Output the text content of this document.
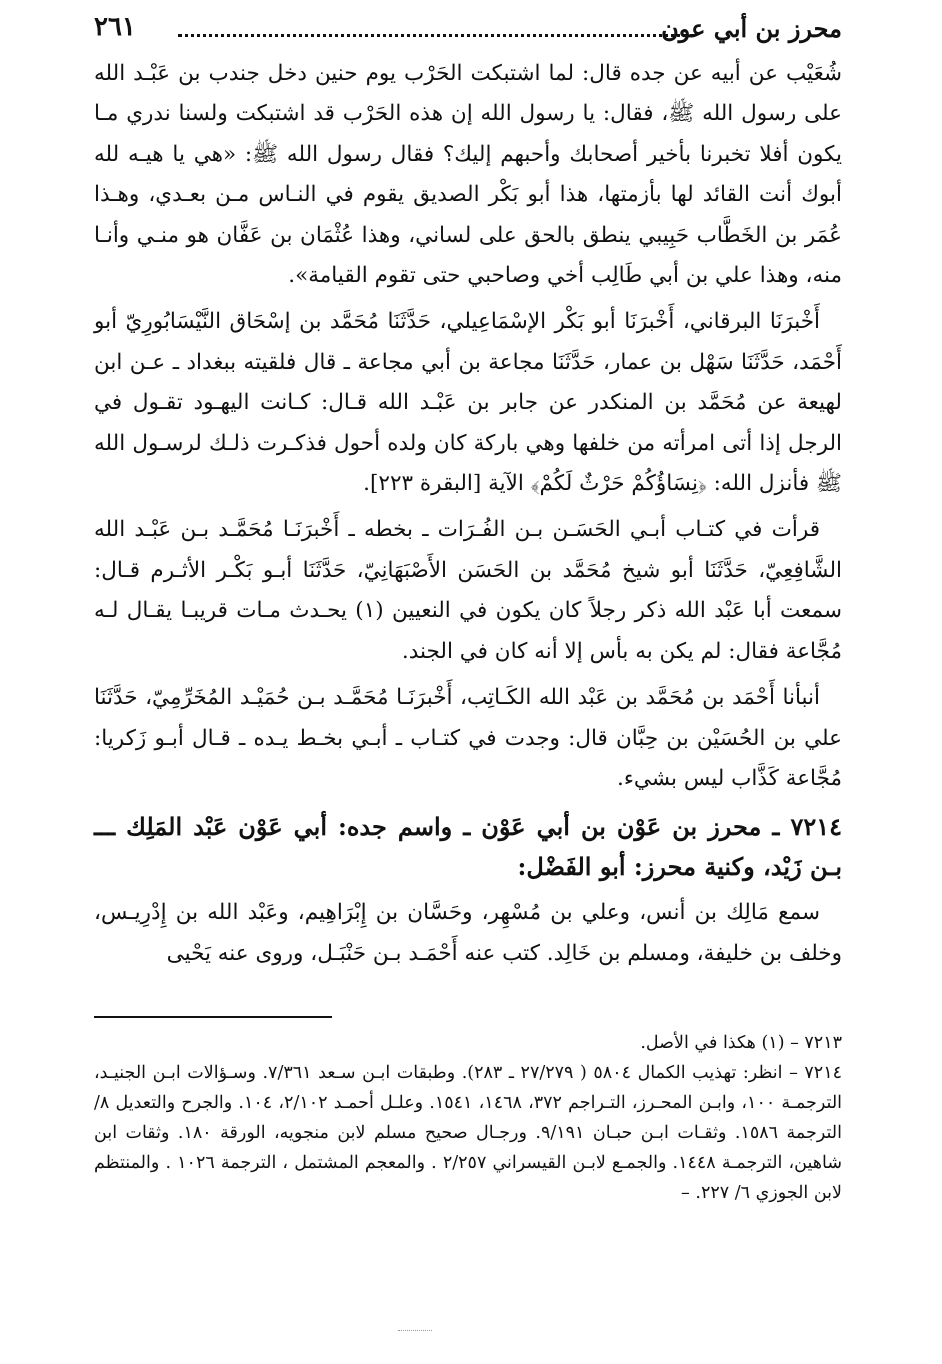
محرز بن أبي عون
٢٦١

شُعَيْب عن أبيه عن جده قال: لما اشتبكت الحَرْب يوم حنين دخل جندب بن عَبْـد الله على رسول الله ﷺ، فقال: يا رسول الله إن هذه الحَرْب قد اشتبكت ولسنا ندري مـا يكون أفلا تخبرنا بأخير أصحابك وأحبهم إليك؟ فقال رسول الله ﷺ: «هي يا هيـه لله أبوك أنت القائد لها بأزمتها، هذا أبو بَكْر الصديق يقوم في النـاس مـن بعـدي، وهـذا عُمَر بن الخَطَّاب حَبِيبي ينطق بالحق على لساني، وهذا عُثْمَان بن عَفَّان هو منـي وأنـا منه، وهذا علي بن أبي طَالِب أخي وصاحبي حتى تقوم القيامة».

أَخْبرَنَا البرقاني، أَخْبرَنَا أبو بَكْر الإسْمَاعِيلي، حَدَّثَنَا مُحَمَّد بن إسْحَاق النَّيْسَابُورِيّ أبو أَحْمَد، حَدَّثَنَا سَهْل بن عمار، حَدَّثَنَا مجاعة بن أبي مجاعة ـ قال فلقيته ببغداد ـ عـن ابن لهيعة عن مُحَمَّد بن المنكدر عن جابر بن عَبْـد الله قـال: كـانت اليهـود تقـول في الرجل إذا أتى امرأته من خلفها وهي باركة كان ولده أحول فذكـرت ذلـك لرسـول الله ﷺ فأنزل الله: ﴿نِسَاؤُكُمْ حَرْثٌ لَكُمْ﴾ الآية [البقرة ٢٢٣].

قرأت في كتـاب أبـي الحَسَـن بـن الفُـرَات ـ بخطه ـ أَخْبرَنَـا مُحَمَّـد بـن عَبْـد الله الشَّافِعِيّ، حَدَّثَنَا أبو شيخ مُحَمَّد بن الحَسَن الأَصْبَهَانِيّ، حَدَّثَنَا أبـو بَكْـر الأثـرم قـال: سمعت أبا عَبْد الله ذكر رجلاً كان يكون في النعيين (١) يحـدث مـات قريبـا يقـال لـه مُجَّاعة فقال: لم يكن به بأس إلا أنه كان في الجند.

أنبأنا أَحْمَد بن مُحَمَّد بن عَبْد الله الكَـاتِب، أَخْبرَنَـا مُحَمَّـد بـن حُمَيْـد المُخَرِّمِيّ، حَدَّثَنَا علي بن الحُسَيْن بن حِبَّان قال: وجدت في كتـاب ـ أبـي بخـط يـده ـ قـال أبـو زَكريا: مُجَّاعة كَذَّاب ليس بشيء.

٧٢١٤ ـ محرز بن عَوْن بن أبي عَوْن ـ واسم جده: أبي عَوْن عَبْد المَلِك ـــ بـن زَيْد، وكنية محرز: أبو الفَضْل:

سمع مَالِك بن أنس، وعلي بن مُسْهِر، وحَسَّان بن إِبْرَاهِيم، وعَبْد الله بن إِدْرِيـس، وخلف بن خليفة، ومسلم بن خَالِد. كتب عنه أَحْمَـد بـن حَنْبَـل، وروى عنه يَحْيى

٧٢١٣ – (١) هكذا في الأصل.

٧٢١٤ – انظر: تهذيب الكمال ٥٨٠٤ ( ٢٧/٢٧٩ ـ ٢٨٣). وطبقات ابـن سـعد ٧/٣٦١. وسـؤالات ابـن الجنيـد، الترجمـة ١٠٠، وابـن المحـرز، التـراجم ٣٧٢، ١٤٦٨، ١٥٤١. وعلـل أحمـد ٢/١٠٢، ١٠٤. والجرح والتعديل ٨/ الترجمة ١٥٨٦. وثقـات ابـن حبـان ٩/١٩١. ورجـال صحيح مسلم لابن منجويه، الورقة ١٨٠. وثقات ابن شاهين، الترجمـة ١٤٤٨. والجمـع لابـن القيسراني ٢/٢٥٧ . والمعجم المشتمل ، الترجمة ١٠٢٦ . والمنتظم لابن الجوزي ٦/ ٢٢٧. –
